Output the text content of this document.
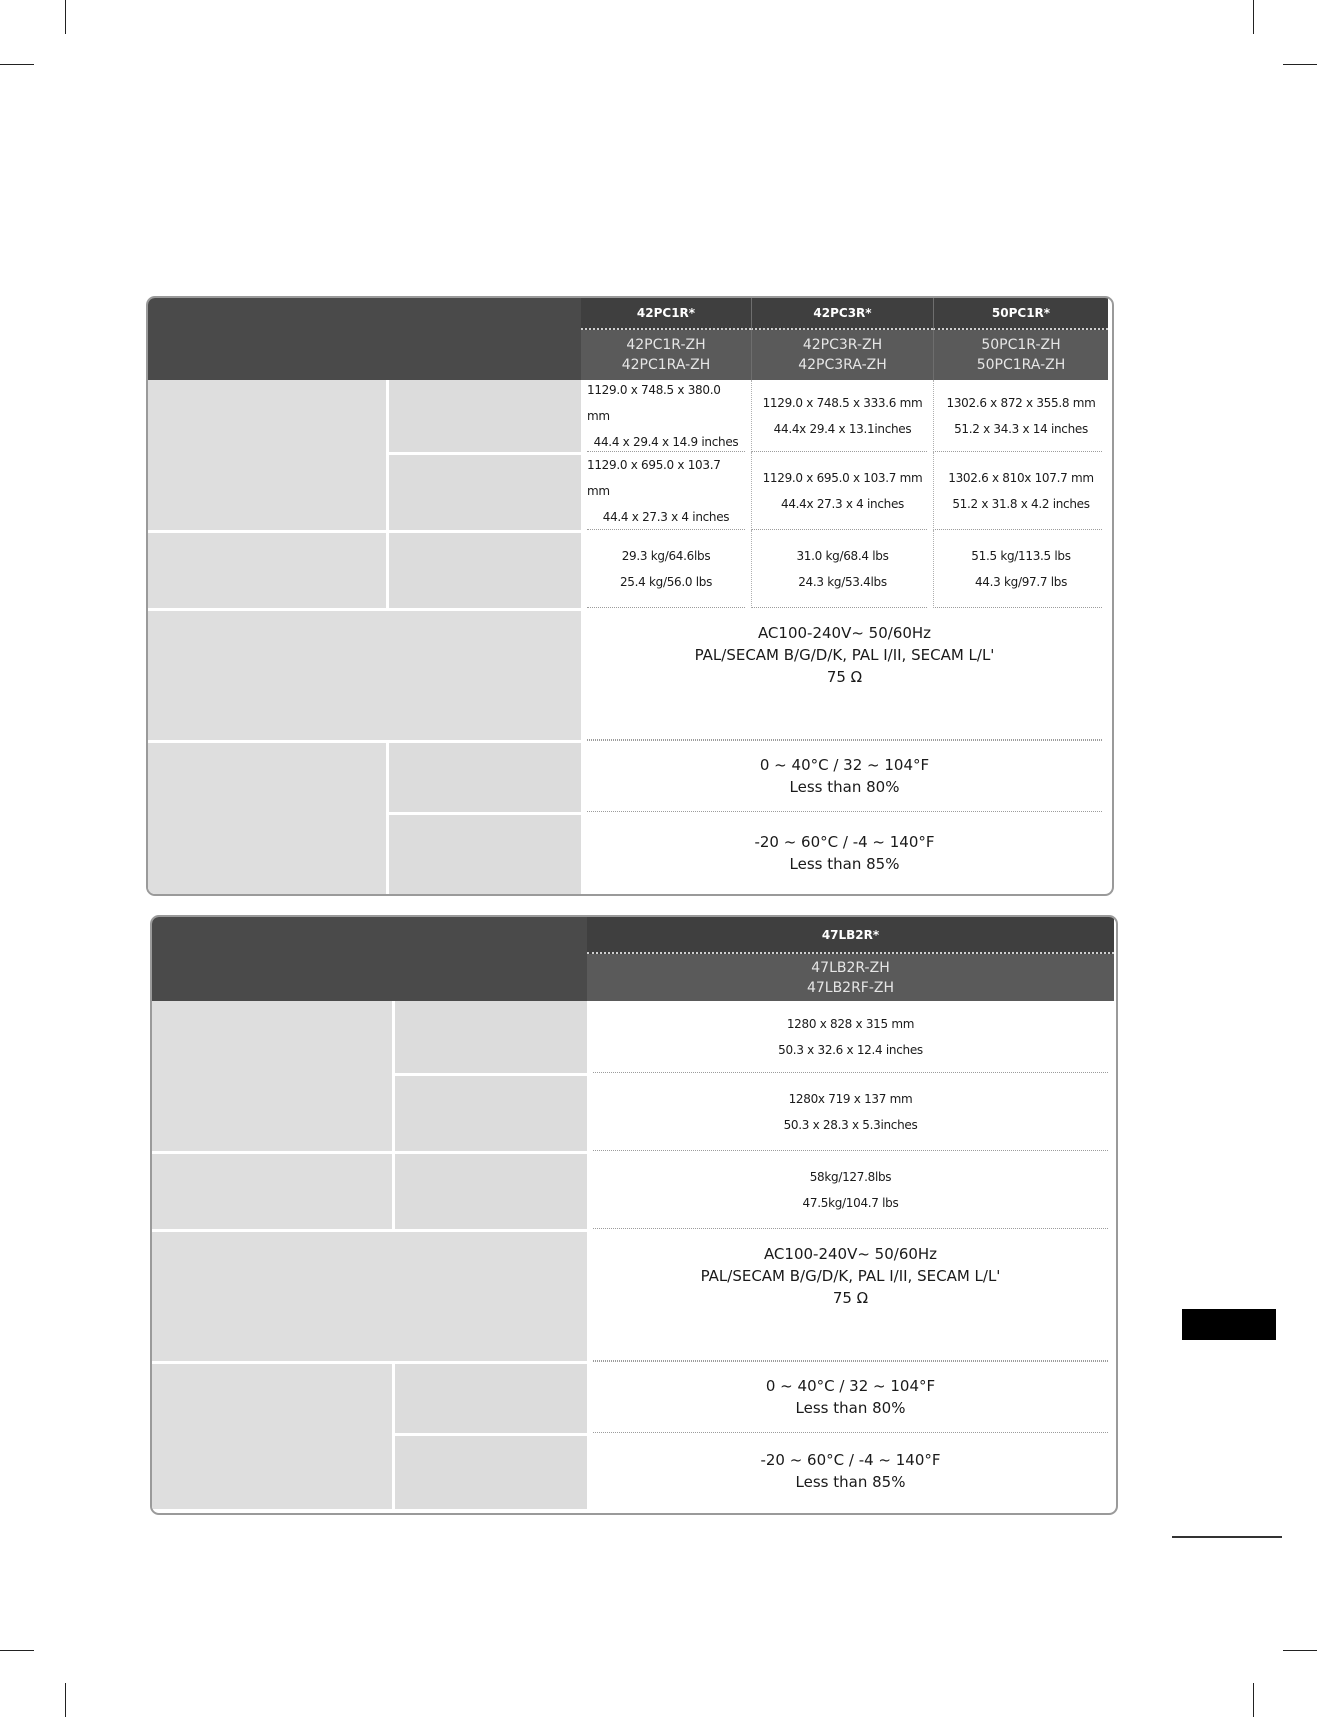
42PC1R*	42PC3R*	50PC1R*
42PC1R-ZH
42PC1RA-ZH
42PC3R-ZH
42PC3RA-ZH
50PC1R-ZH
50PC1RA-ZH
1129.0 x 748.5 x 380.0 mm
44.4 x 29.4 x 14.9 inches
1129.0 x 748.5 x 333.6 mm
44.4x 29.4 x 13.1inches
1302.6 x 872 x 355.8 mm
51.2 x 34.3 x 14 inches
1129.0 x 695.0 x 103.7 mm
44.4 x 27.3 x 4 inches
1129.0 x 695.0 x 103.7 mm
44.4x 27.3 x 4 inches
1302.6 x 810x 107.7 mm
51.2 x 31.8 x 4.2 inches
29.3 kg/64.6lbs
25.4 kg/56.0 lbs
31.0 kg/68.4 lbs
24.3 kg/53.4lbs
51.5 kg/113.5 lbs
44.3 kg/97.7 lbs
AC100-240V~ 50/60Hz
PAL/SECAM B/G/D/K, PAL I/II, SECAM L/L'
75 Ω
0 ~ 40°C / 32 ~ 104°F
Less than 80%
-20 ~ 60°C / -4 ~ 140°F
Less than 85%
47LB2R*
47LB2R-ZH
47LB2RF-ZH
1280 x 828 x 315 mm
50.3 x 32.6 x 12.4 inches
1280x 719 x 137 mm
50.3 x 28.3 x 5.3inches
58kg/127.8lbs
47.5kg/104.7 lbs
AC100-240V~ 50/60Hz
PAL/SECAM B/G/D/K, PAL I/II, SECAM L/L'
75 Ω
0 ~ 40°C / 32 ~ 104°F
Less than 80%
-20 ~ 60°C / -4 ~ 140°F
Less than 85%
